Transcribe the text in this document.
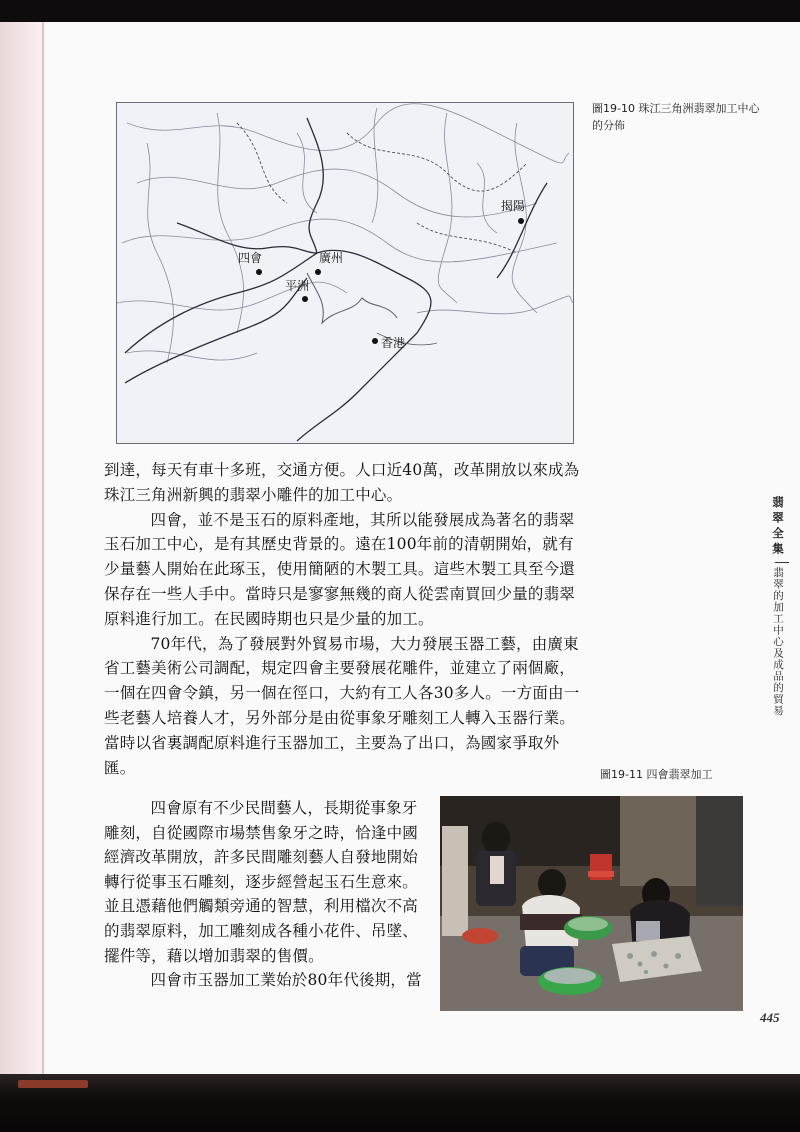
揭陽
四會	廣州
平洲
香港
圖19-10 珠江三角洲翡翠加工中心的分佈

到達，每天有車十多班，交通方便。人口近40萬，改革開放以來成為珠江三角洲新興的翡翠小雕件的加工中心。

四會，並不是玉石的原料產地，其所以能發展成為著名的翡翠玉石加工中心，是有其歷史背景的。遠在100年前的清朝開始，就有少量藝人開始在此琢玉，使用簡陋的木製工具。這些木製工具至今還保存在一些人手中。當時只是寥寥無幾的商人從雲南買回少量的翡翠原料進行加工。在民國時期也只是少量的加工。

70年代，為了發展對外貿易市場，大力發展玉器工藝，由廣東省工藝美術公司調配，規定四會主要發展花雕件，並建立了兩個廠，一個在四會令鎮，另一個在徑口，大約有工人各30多人。一方面由一些老藝人培養人才，另外部分是由從事象牙雕刻工人轉入玉器行業。當時以省裏調配原料進行玉器加工，主要為了出口，為國家爭取外匯。

四會原有不少民間藝人，長期從事象牙雕刻，自從國際市場禁售象牙之時，恰逢中國經濟改革開放，許多民間雕刻藝人自發地開始轉行從事玉石雕刻，逐步經營起玉石生意來。並且憑藉他們觸類旁通的智慧，利用檔次不高的翡翠原料，加工雕刻成各種小花件、吊墜、擺件等，藉以增加翡翠的售價。

四會市玉器加工業始於80年代後期，當

圖19-11 四會翡翠加工
翡翠全集
翡翠的加工中心及成品的貿易
445
